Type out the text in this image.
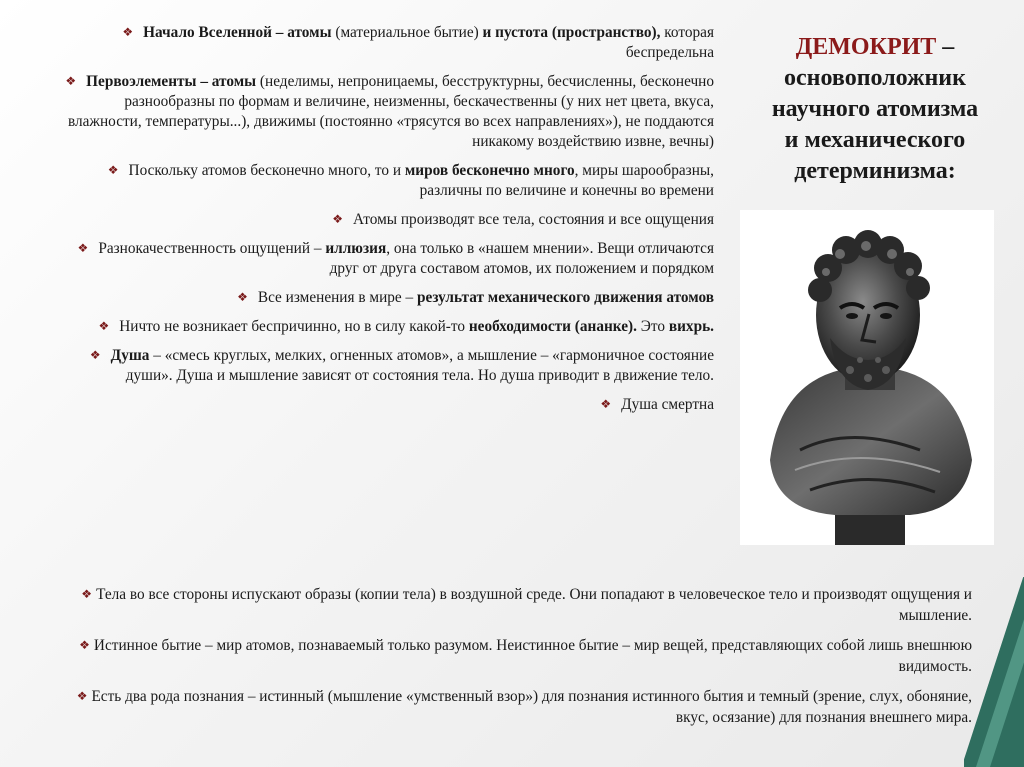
❖ Начало Вселенной – атомы (материальное бытие) и пустота (пространство), которая беспредельна
❖ Первоэлементы – атомы (неделимы, непроницаемы, бесструктурны, бесчисленны, бесконечно разнообразны по формам и величине, неизменны, бескачественны (у них нет цвета, вкуса, влажности, температуры...), движимы (постоянно «трясутся во всех направлениях»), не поддаются никакому воздействию извне, вечны)
❖ Поскольку атомов бесконечно много, то и миров бесконечно много, миры шарообразны, различны по величине и конечны во времени
❖ Атомы производят все тела, состояния и все ощущения
❖ Разнокачественность ощущений – иллюзия, она только в «нашем мнении». Вещи отличаются друг от друга составом атомов, их положением и порядком
❖ Все изменения в мире – результат механического движения атомов
❖ Ничто не возникает беспричинно, но в силу какой-то необходимости (ананке). Это вихрь.
❖ Душа – «смесь круглых, мелких, огненных атомов», а мышление – «гармоничное состояние души». Душа и мышление зависят от состояния тела. Но душа приводит в движение тело.
❖ Душа смертна
ДЕМОКРИТ –
основоположник
научного атомизма
и механического
детерминизма:
❖ Тела во все стороны испускают образы (копии тела) в воздушной среде. Они попадают в человеческое тело и производят ощущения и мышление.
❖ Истинное бытие – мир атомов, познаваемый только разумом. Неистинное бытие – мир вещей, представляющих собой лишь внешнюю видимость.
❖ Есть два рода познания – истинный (мышление «умственный взор») для познания истинного бытия и темный (зрение, слух, обоняние, вкус, осязание) для познания внешнего мира.
